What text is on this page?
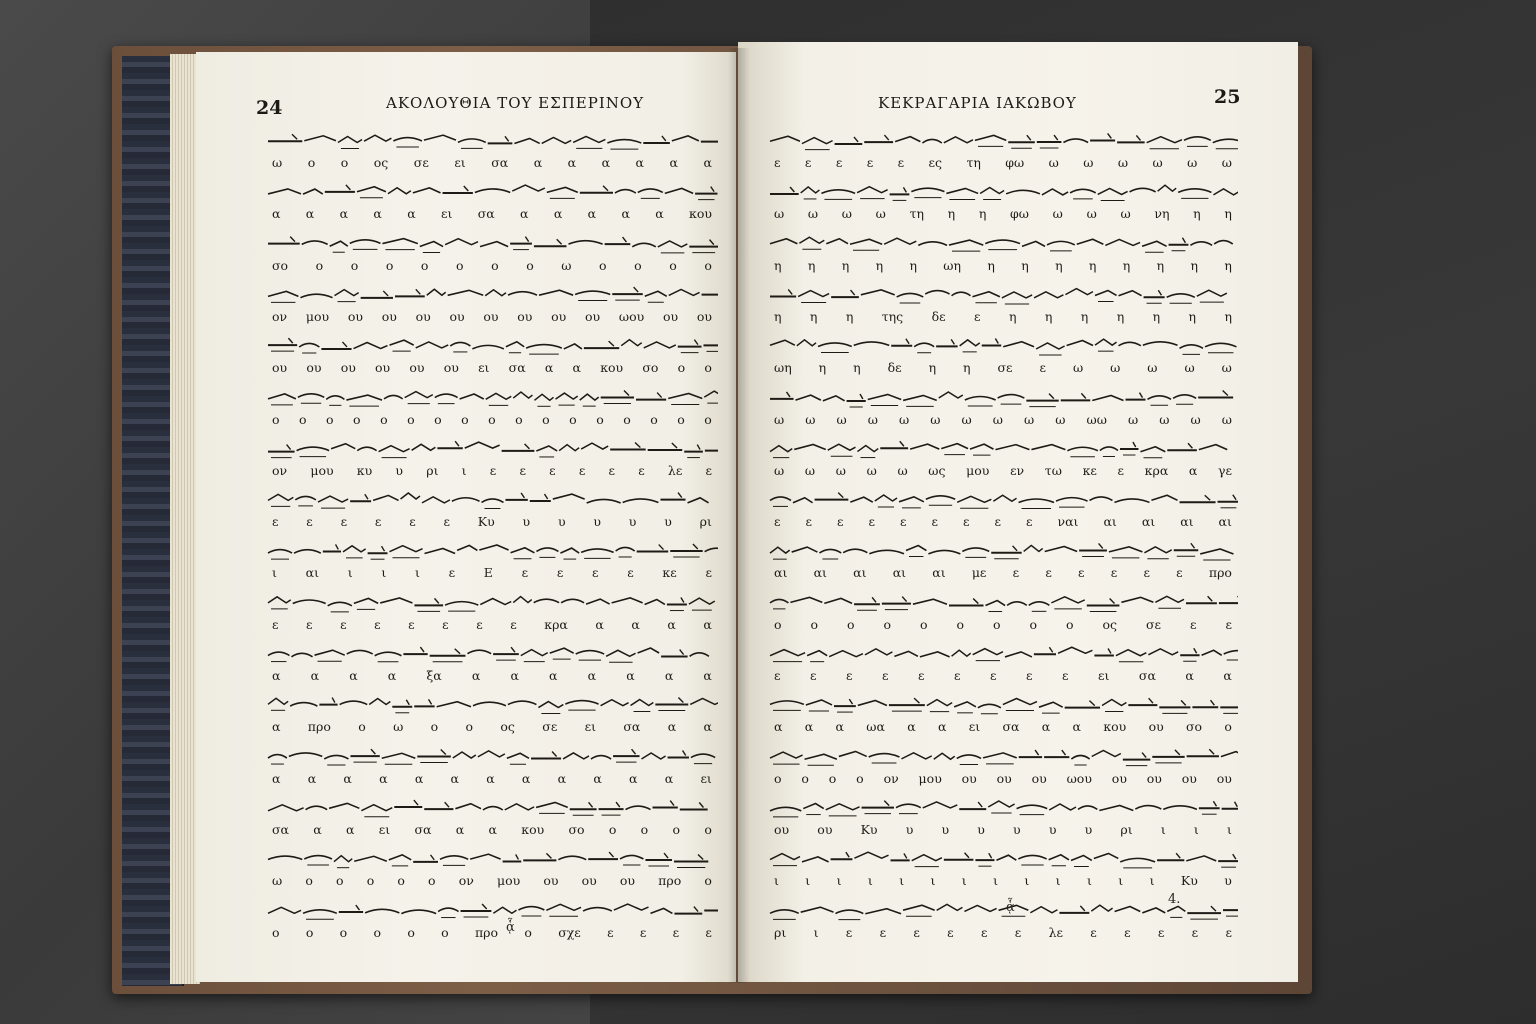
24	ΑΚΟΛΟΥΘΙΑ ΤΟΥ ΕΣΠΕΡΙΝΟΥ
ω ο ο ος σε ει σα α α α α α α
α α α α α ει σα α α α α α κου
σο ο ο ο ο ο ο ο ω ο ο ο ο
ον μου ου ου ου ου ου ου ου ου ωου ου ου
ου ου ου ου ου ου ει σα α α κου σο ο ο
ο ο ο ο ο ο ο ο ο ο ο ο ο ο ο ο ο
ον μου κυ υ ρι ι ε ε ε ε ε ε λε ε
ε ε ε ε ε ε Κυ υ υ υ υ υ ρι
ι αι ι ι ι ε Ε ε ε ε ε κε ε
ε ε ε ε ε ε ε ε κρα α α α α
α α α α ξα α α α α α α α
α προ ο ω ο ο ος σε ει σα α α
α α α α α α α α α α α α ει
σα α α ει σα α α κου σο ο ο ο ο
ω ο ο ο ο ο ον μου ου ου ου προ ο
ο ο ο ο ο ο προ ο σχε ε ε ε ε
ᾇ
ΚΕΚΡΑΓΑΡΙΑ ΙΑΚΩΒΟΥ	25
ε ε ε ε ε ες τη φω ω ω ω ω ω ω
ω ω ω ω τη η η φω ω ω ω νη η η
η η η η η ωη η η η η η η η η
η η η της δε ε η η η η η η η
ωη η η δε η η σε ε ω ω ω ω ω
ω ω ω ω ω ω ω ω ω ω ωω ω ω ω ω
ω ω ω ω ω ως μου εν τω κε ε κρα α γε
ε ε ε ε ε ε ε ε ε ναι αι αι αι αι
αι αι αι αι αι με ε ε ε ε ε ε προ
ο ο ο ο ο ο ο ο ο ος σε ε ε
ε ε ε ε ε ε ε ε ε ει σα α α
α α α ωα α α ει σα α α κου ου σο ο
ο ο ο ο ον μου ου ου ου ωου ου ου ου ου
ου ου Κυ υ υ υ υ υ υ ρι ι ι ι
ι ι ι ι ι ι ι ι ι ι ι ι ι Κυ υ
ρι ι ε ε ε ε ε ε λε ε ε ε ε ε
ᾇ
4.
